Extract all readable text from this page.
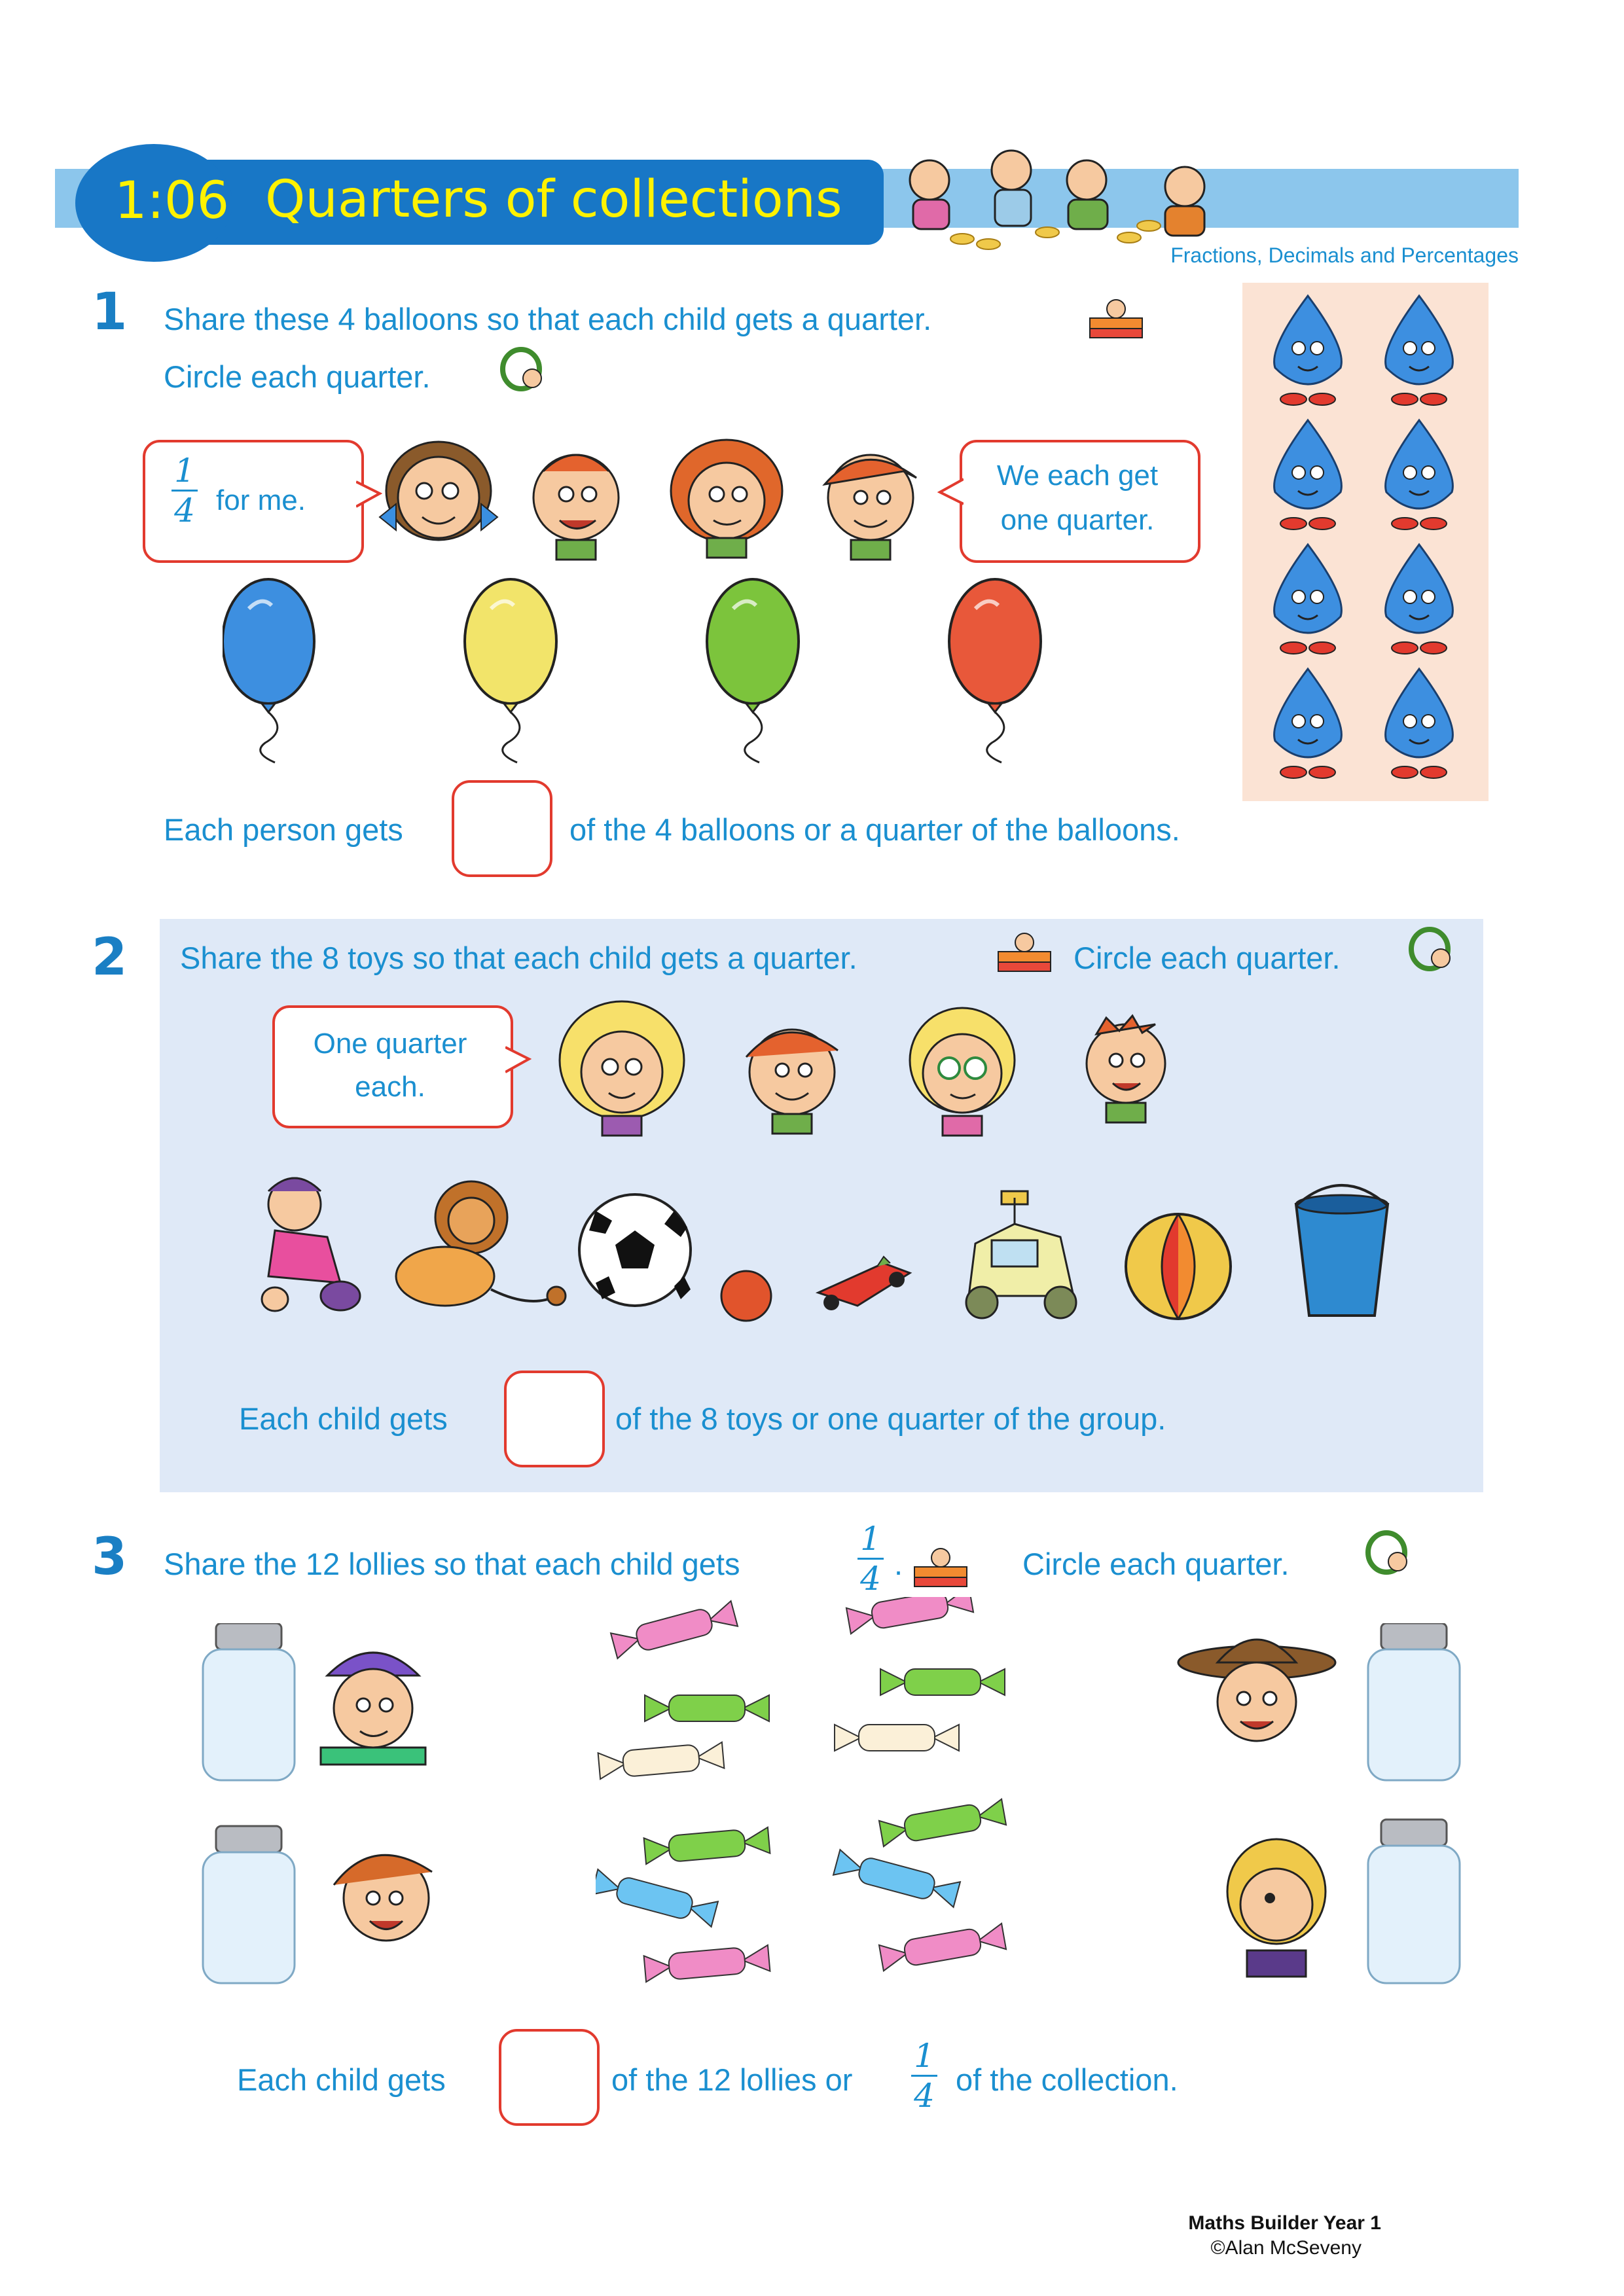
1:06 Quarters of collections
Fractions, Decimals and Percentages
1 Share these 4 balloons so that each child gets a quarter.
Circle each quarter.
1
4 for me.
We each get
one quarter.
Each person gets	of the 4 balloons or a quarter of the balloons.
2 Share the 8 toys so that each child gets a quarter.	Circle each quarter.
One quarter
each.
Each child gets	of the 8 toys or one quarter of the group.
3 Share the 12 lollies so that each child gets
1
4 .	Circle each quarter.
Each child gets	of the 12 lollies or
1
4 of the collection.
Maths Builder Year 1
©Alan McSeveny
